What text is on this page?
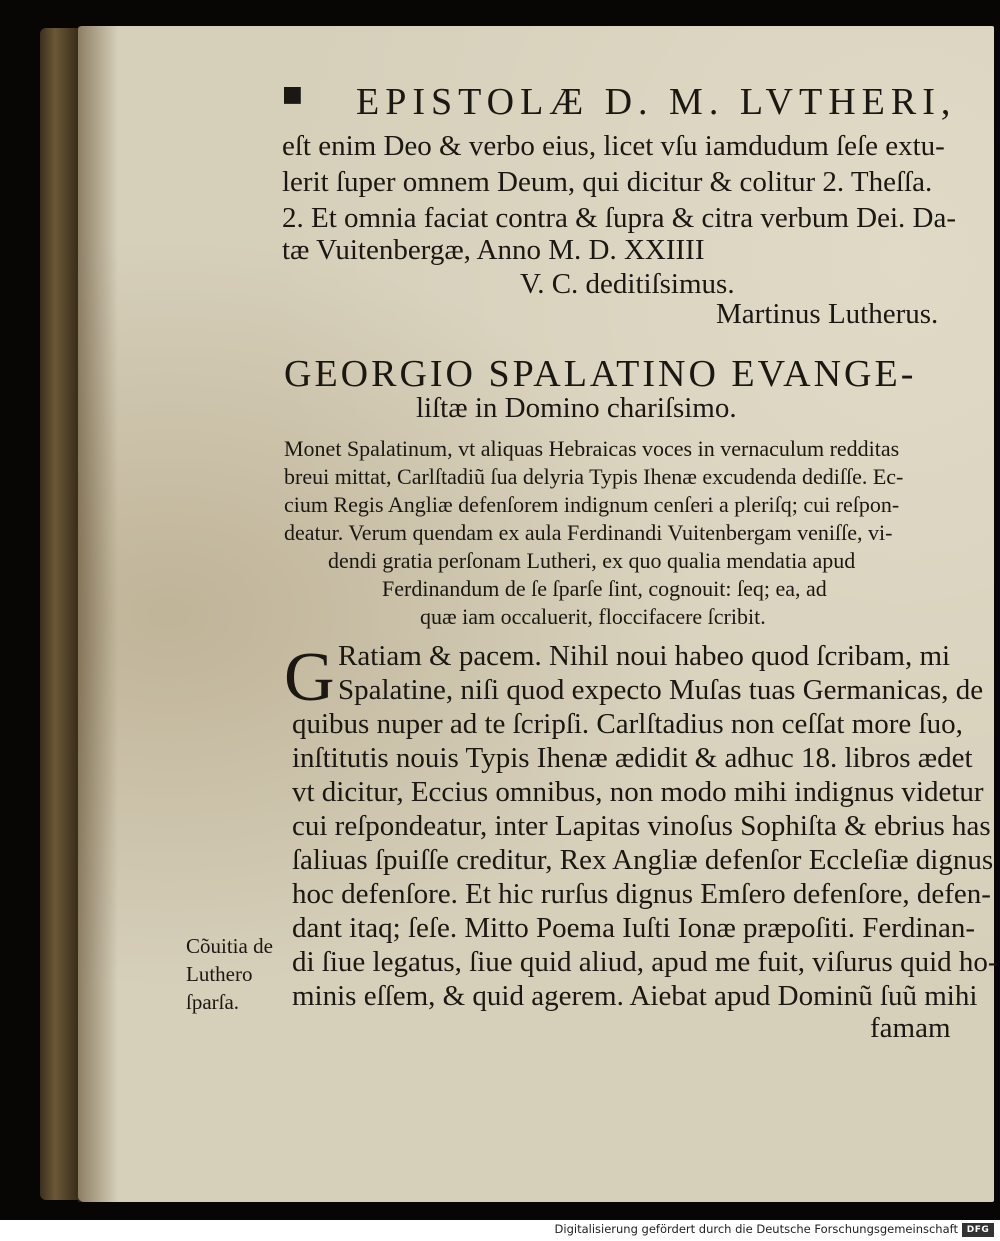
■ EPISTOLÆ D. M. LVTHERI,
eſt enim Deo & verbo eius, licet vſu iamdudum ſeſe extu-
lerit ſuper omnem Deum, qui dicitur & colitur 2. Theſſa.
2. Et omnia faciat contra & ſupra & citra verbum Dei. Da-
tæ Vuitenbergæ, Anno M. D. XXIIII
V. C. deditiſsimus.
Martinus Lutherus.
GEORGIO SPALATINO EVANGE-
liſtæ in Domino chariſsimo.
Monet Spalatinum, vt aliquas Hebraicas voces in vernaculum redditas
breui mittat, Carlſtadiũ ſua delyria Typis Ihenæ excudenda dediſſe. Ec-
cium Regis Angliæ defenſorem indignum cenſeri a pleriſq; cui reſpon-
deatur. Verum quendam ex aula Ferdinandi Vuitenbergam veniſſe, vi-
dendi gratia perſonam Lutheri, ex quo qualia mendatia apud
Ferdinandum de ſe ſparſe ſint, cognouit: ſeq; ea, ad
quæ iam occaluerit, floccifacere ſcribit.
G Ratiam & pacem. Nihil noui habeo quod ſcribam, mi
Spalatine, niſi quod expecto Muſas tuas Germanicas, de
quibus nuper ad te ſcripſi. Carlſtadius non ceſſat more ſuo,
inſtitutis nouis Typis Ihenæ ædidit & adhuc 18. libros ædet
vt dicitur, Eccius omnibus, non modo mihi indignus videtur
cui reſpondeatur, inter Lapitas vinoſus Sophiſta & ebrius has
ſaliuas ſpuiſſe creditur, Rex Angliæ defenſor Eccleſiæ dignus
hoc defenſore. Et hic rurſus dignus Emſero defenſore, defen-
dant itaq; ſeſe. Mitto Poema Iuſti Ionæ præpoſiti. Ferdinan-
di ſiue legatus, ſiue quid aliud, apud me fuit, viſurus quid ho-
minis eſſem, & quid agerem. Aiebat apud Dominũ ſuũ mihi
famam
Cõuitia de
Luthero
ſparſa.
Digitalisierung gefördert durch die Deutsche Forschungsgemeinschaft DFG
